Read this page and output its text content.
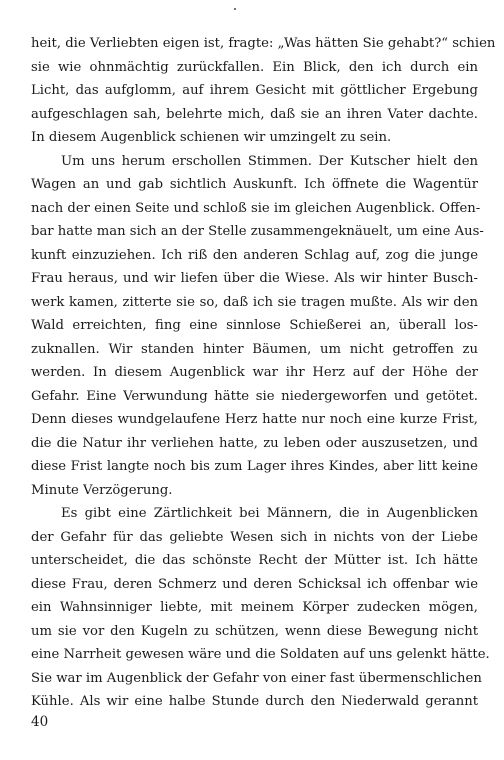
heit, die Verliebten eigen ist, fragte: „Was hätten Sie gehabt?“ schien
sie wie ohnmächtig zurückfallen. Ein Blick, den ich durch ein
Licht, das aufglomm, auf ihrem Gesicht mit göttlicher Ergebung
aufgeschlagen sah, belehrte mich, daß sie an ihren Vater dachte.
In diesem Augenblick schienen wir umzingelt zu sein.
Um uns herum erschollen Stimmen. Der Kutscher hielt den
Wagen an und gab sichtlich Auskunft. Ich öffnete die Wagentür
nach der einen Seite und schloß sie im gleichen Augenblick. Offen-
bar hatte man sich an der Stelle zusammengeknäuelt, um eine Aus-
kunft einzuziehen. Ich riß den anderen Schlag auf, zog die junge
Frau heraus, und wir liefen über die Wiese. Als wir hinter Busch-
werk kamen, zitterte sie so, daß ich sie tragen mußte. Als wir den
Wald erreichten, fing eine sinnlose Schießerei an, überall los-
zuknallen. Wir standen hinter Bäumen, um nicht getroffen zu
werden. In diesem Augenblick war ihr Herz auf der Höhe der
Gefahr. Eine Verwundung hätte sie niedergeworfen und getötet.
Denn dieses wundgelaufene Herz hatte nur noch eine kurze Frist,
die die Natur ihr verliehen hatte, zu leben oder auszusetzen, und
diese Frist langte noch bis zum Lager ihres Kindes, aber litt keine
Minute Verzögerung.
Es gibt eine Zärtlichkeit bei Männern, die in Augenblicken
der Gefahr für das geliebte Wesen sich in nichts von der Liebe
unterscheidet, die das schönste Recht der Mütter ist. Ich hätte
diese Frau, deren Schmerz und deren Schicksal ich offenbar wie
ein Wahnsinniger liebte, mit meinem Körper zudecken mögen,
um sie vor den Kugeln zu schützen, wenn diese Bewegung nicht
eine Narrheit gewesen wäre und die Soldaten auf uns gelenkt hätte.
Sie war im Augenblick der Gefahr von einer fast übermenschlichen
Kühle. Als wir eine halbe Stunde durch den Niederwald gerannt
40
